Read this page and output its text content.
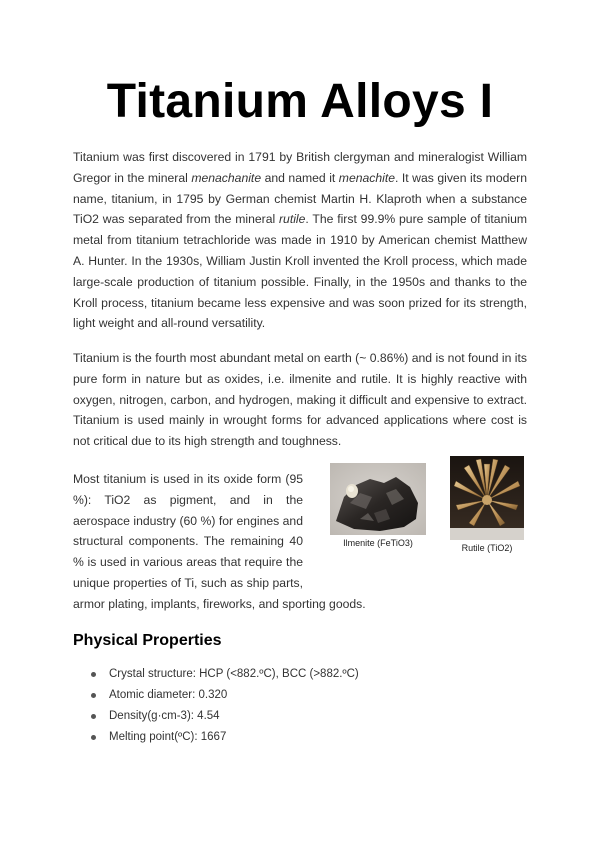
Titanium Alloys I

Titanium was first discovered in 1791 by British clergyman and mineralogist William Gregor in the mineral menachanite and named it menachite. It was given its modern name, titanium, in 1795 by German chemist Martin H. Klaproth when a substance TiO2 was separated from the mineral rutile. The first 99.9% pure sample of titanium metal from titanium tetrachloride was made in 1910 by American chemist Matthew A. Hunter. In the 1930s, William Justin Kroll invented the Kroll process, which made large-scale production of titanium possible. Finally, in the 1950s and thanks to the Kroll process, titanium became less expensive and was soon prized for its strength, light weight and all-round versatility.

Titanium is the fourth most abundant metal on earth (~ 0.86%) and is not found in its pure form in nature but as oxides, i.e. ilmenite and rutile. It is highly reactive with oxygen, nitrogen, carbon, and hydrogen, making it difficult and expensive to extract. Titanium is used mainly in wrought forms for advanced applications where cost is not critical due to its high strength and toughness.

Most titanium is used in its oxide form (95 %): TiO2 as pigment, and in the aerospace industry (60 %) for engines and structural components. The remaining 40 % is used in various areas that require the unique properties of Ti, such as ship parts, armor plating, implants, fireworks, and sporting goods.

Ilmenite (FeTiO3)	Rutile (TiO2)
Physical Properties
Crystal structure: HCP (<882.ºC), BCC (>882.ºC)
Atomic diameter: 0.320
Density(g·cm-3): 4.54
Melting point(ºC): 1667
